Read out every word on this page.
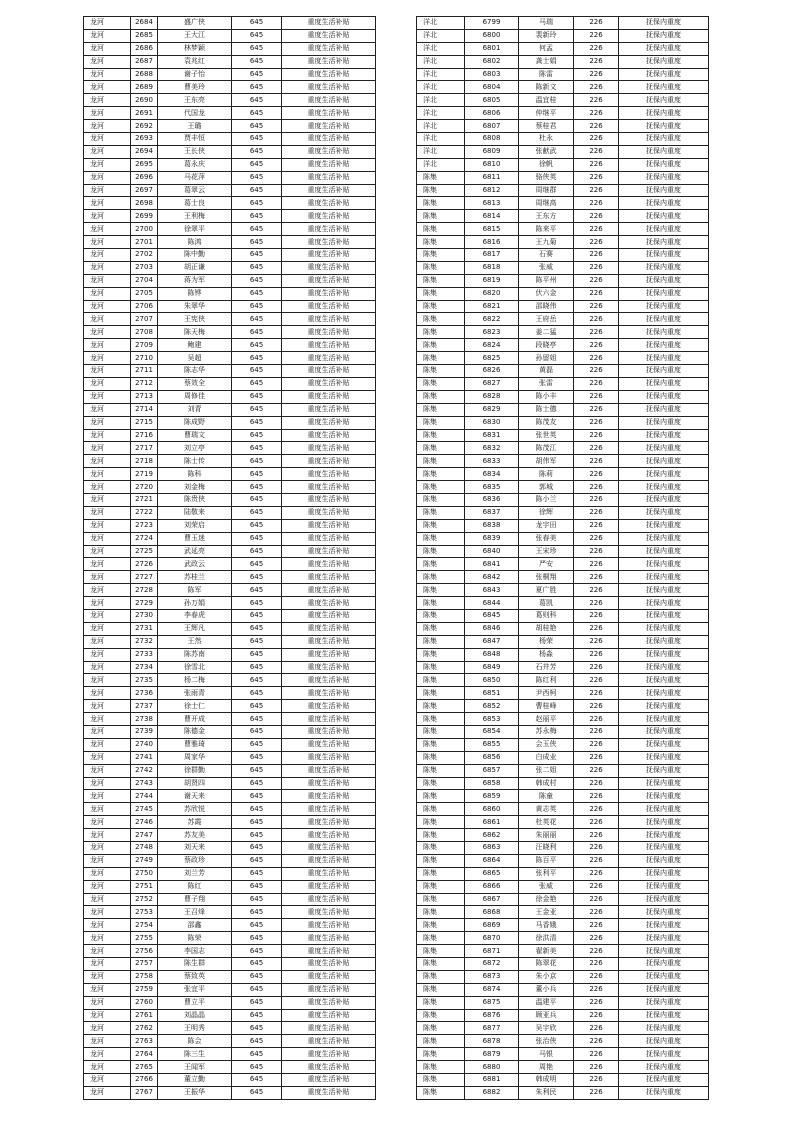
龙河	2684	盛广侠	645	重度生活补贴
龙河	2685	王大江	645	重度生活补贴
龙河	2686	林梦颖	645	重度生活补贴
龙河	2687	袁兆红	645	重度生活补贴
龙河	2688	谢子怡	645	重度生活补贴
龙河	2689	曹美玲	645	重度生活补贴
龙河	2690	王东亮	645	重度生活补贴
龙河	2691	代国龙	645	重度生活补贴
龙河	2692	王璐	645	重度生活补贴
龙河	2693	贾丰恒	645	重度生活补贴
龙河	2694	王长侠	645	重度生活补贴
龙河	2695	葛永庆	645	重度生活补贴
龙河	2696	马花萍	645	重度生活补贴
龙河	2697	葛翠云	645	重度生活补贴
龙河	2698	葛士良	645	重度生活补贴
龙河	2699	王利梅	645	重度生活补贴
龙河	2700	徐翠平	645	重度生活补贴
龙河	2701	陈鸿	645	重度生活补贴
龙河	2702	陈中勤	645	重度生活补贴
龙河	2703	胡正谦	645	重度生活补贴
龙河	2704	蒋为军	645	重度生活补贴
龙河	2705	陈铧	645	重度生活补贴
龙河	2706	朱翠华	645	重度生活补贴
龙河	2707	王宪侠	645	重度生活补贴
龙河	2708	陈天梅	645	重度生活补贴
龙河	2709	鲍建	645	重度生活补贴
龙河	2710	吴超	645	重度生活补贴
龙河	2711	陈志华	645	重度生活补贴
龙河	2712	蔡效全	645	重度生活补贴
龙河	2713	周修佳	645	重度生活补贴
龙河	2714	刘青	645	重度生活补贴
龙河	2715	陈成野	645	重度生活补贴
龙河	2716	曹瑞文	645	重度生活补贴
龙河	2717	刘立亭	645	重度生活补贴
龙河	2718	陈士传	645	重度生活补贴
龙河	2719	陈科	645	重度生活补贴
龙河	2720	刘金梅	645	重度生活补贴
龙河	2721	陈贵侠	645	重度生活补贴
龙河	2722	陆敬来	645	重度生活补贴
龙河	2723	刘荣启	645	重度生活补贴
龙河	2724	曹玉迷	645	重度生活补贴
龙河	2725	武延亮	645	重度生活补贴
龙河	2726	武政云	645	重度生活补贴
龙河	2727	苏桂兰	645	重度生活补贴
龙河	2728	陈军	645	重度生活补贴
龙河	2729	孙万娟	645	重度生活补贴
龙河	2730	李春虎	645	重度生活补贴
龙河	2731	王辉凡	645	重度生活补贴
龙河	2732	王然	645	重度生活补贴
龙河	2733	陈苏南	645	重度生活补贴
龙河	2734	徐雪北	645	重度生活补贴
龙河	2735	杨二梅	645	重度生活补贴
龙河	2736	张雨青	645	重度生活补贴
龙河	2737	徐士仁	645	重度生活补贴
龙河	2738	曹开成	645	重度生活补贴
龙河	2739	陈德金	645	重度生活补贴
龙河	2740	曹雅琦	645	重度生活补贴
龙河	2741	周家华	645	重度生活补贴
龙河	2742	徐群勤	645	重度生活补贴
龙河	2743	胡贤四	645	重度生活补贴
龙河	2744	谢天来	645	重度生活补贴
龙河	2745	苏欣悦	645	重度生活补贴
龙河	2746	苏霞	645	重度生活补贴
龙河	2747	苏友美	645	重度生活补贴
龙河	2748	刘天来	645	重度生活补贴
龙河	2749	蔡政珍	645	重度生活补贴
龙河	2750	刘兰芳	645	重度生活补贴
龙河	2751	陈红	645	重度生活补贴
龙河	2752	曹子翔	645	重度生活补贴
龙河	2753	王召烽	645	重度生活补贴
龙河	2754	邵鑫	645	重度生活补贴
龙河	2755	陈荣	645	重度生活补贴
龙河	2756	李国志	645	重度生活补贴
龙河	2757	陈生群	645	重度生活补贴
龙河	2758	蔡致英	645	重度生活补贴
龙河	2759	张宜平	645	重度生活补贴
龙河	2760	曹立平	645	重度生活补贴
龙河	2761	刘晶晶	645	重度生活补贴
龙河	2762	王明秀	645	重度生活补贴
龙河	2763	陈会	645	重度生活补贴
龙河	2764	陈三生	645	重度生活补贴
龙河	2765	王闻军	645	重度生活补贴
龙河	2766	董立勤	645	重度生活补贴
龙河	2767	王振华	645	重度生活补贴
洋北	6799	马瑞	226	抚保内重度
洋北	6800	裴新玲	226	抚保内重度
洋北	6801	何孟	226	抚保内重度
洋北	6802	龚士娟	226	抚保内重度
洋北	6803	陈雷	226	抚保内重度
洋北	6804	陈新文	226	抚保内重度
洋北	6805	温宜桂	226	抚保内重度
洋北	6806	仲继平	226	抚保内重度
洋北	6807	蔡桂君	226	抚保内重度
洋北	6808	杜永	226	抚保内重度
洋北	6809	张献武	226	抚保内重度
洋北	6810	徐帆	226	抚保内重度
陈集	6811	骆侠英	226	抚保内重度
陈集	6812	周继群	226	抚保内重度
陈集	6813	周继高	226	抚保内重度
陈集	6814	王东方	226	抚保内重度
陈集	6815	陈来平	226	抚保内重度
陈集	6816	王九菊	226	抚保内重度
陈集	6817	石赛	226	抚保内重度
陈集	6818	张威	226	抚保内重度
陈集	6819	陈平州	226	抚保内重度
陈集	6820	伏六金	226	抚保内重度
陈集	6821	邵晓伟	226	抚保内重度
陈集	6822	王府岳	226	抚保内重度
陈集	6823	姜二猛	226	抚保内重度
陈集	6824	段晓亭	226	抚保内重度
陈集	6825	孙留姐	226	抚保内重度
陈集	6826	黄磊	226	抚保内重度
陈集	6827	张雷	226	抚保内重度
陈集	6828	陈小丰	226	抚保内重度
陈集	6829	陈士德	226	抚保内重度
陈集	6830	陈茂友	226	抚保内重度
陈集	6831	张世英	226	抚保内重度
陈集	6832	陈茂江	226	抚保内重度
陈集	6833	胡伟军	226	抚保内重度
陈集	6834	陈莉	226	抚保内重度
陈集	6835	郭城	226	抚保内重度
陈集	6836	陈小兰	226	抚保内重度
陈集	6837	徐辉	226	抚保内重度
陈集	6838	龙宇田	226	抚保内重度
陈集	6839	张春美	226	抚保内重度
陈集	6840	王宋珍	226	抚保内重度
陈集	6841	严安	226	抚保内重度
陈集	6842	张桐翔	226	抚保内重度
陈集	6843	夏广胜	226	抚保内重度
陈集	6844	葛凯	226	抚保内重度
陈集	6845	葛则科	226	抚保内重度
陈集	6846	胡桂艳	226	抚保内重度
陈集	6847	杨荣	226	抚保内重度
陈集	6848	杨淼	226	抚保内重度
陈集	6849	石井芳	226	抚保内重度
陈集	6850	陈红利	226	抚保内重度
陈集	6851	尹西柯	226	抚保内重度
陈集	6852	曹桂峰	226	抚保内重度
陈集	6853	赵丽平	226	抚保内重度
陈集	6854	苏永梅	226	抚保内重度
陈集	6855	会玉侠	226	抚保内重度
陈集	6856	白成业	226	抚保内重度
陈集	6857	张二姐	226	抚保内重度
陈集	6858	韩成村	226	抚保内重度
陈集	6859	陈童	226	抚保内重度
陈集	6860	黄志英	226	抚保内重度
陈集	6861	杜英花	226	抚保内重度
陈集	6862	朱丽丽	226	抚保内重度
陈集	6863	汪晓利	226	抚保内重度
陈集	6864	陈百平	226	抚保内重度
陈集	6865	张利平	226	抚保内重度
陈集	6866	张威	226	抚保内重度
陈集	6867	徐金艳	226	抚保内重度
陈集	6868	王金亚	226	抚保内重度
陈集	6869	马香娥	226	抚保内重度
陈集	6870	徐洪清	226	抚保内重度
陈集	6871	翟新美	226	抚保内重度
陈集	6872	陈翠花	226	抚保内重度
陈集	6873	朱小京	226	抚保内重度
陈集	6874	董小兵	226	抚保内重度
陈集	6875	温建平	226	抚保内重度
陈集	6876	顾亚兵	226	抚保内重度
陈集	6877	吴宇欣	226	抚保内重度
陈集	6878	张治侠	226	抚保内重度
陈集	6879	马银	226	抚保内重度
陈集	6880	周艳	226	抚保内重度
陈集	6881	韩成明	226	抚保内重度
陈集	6882	朱利民	226	抚保内重度
